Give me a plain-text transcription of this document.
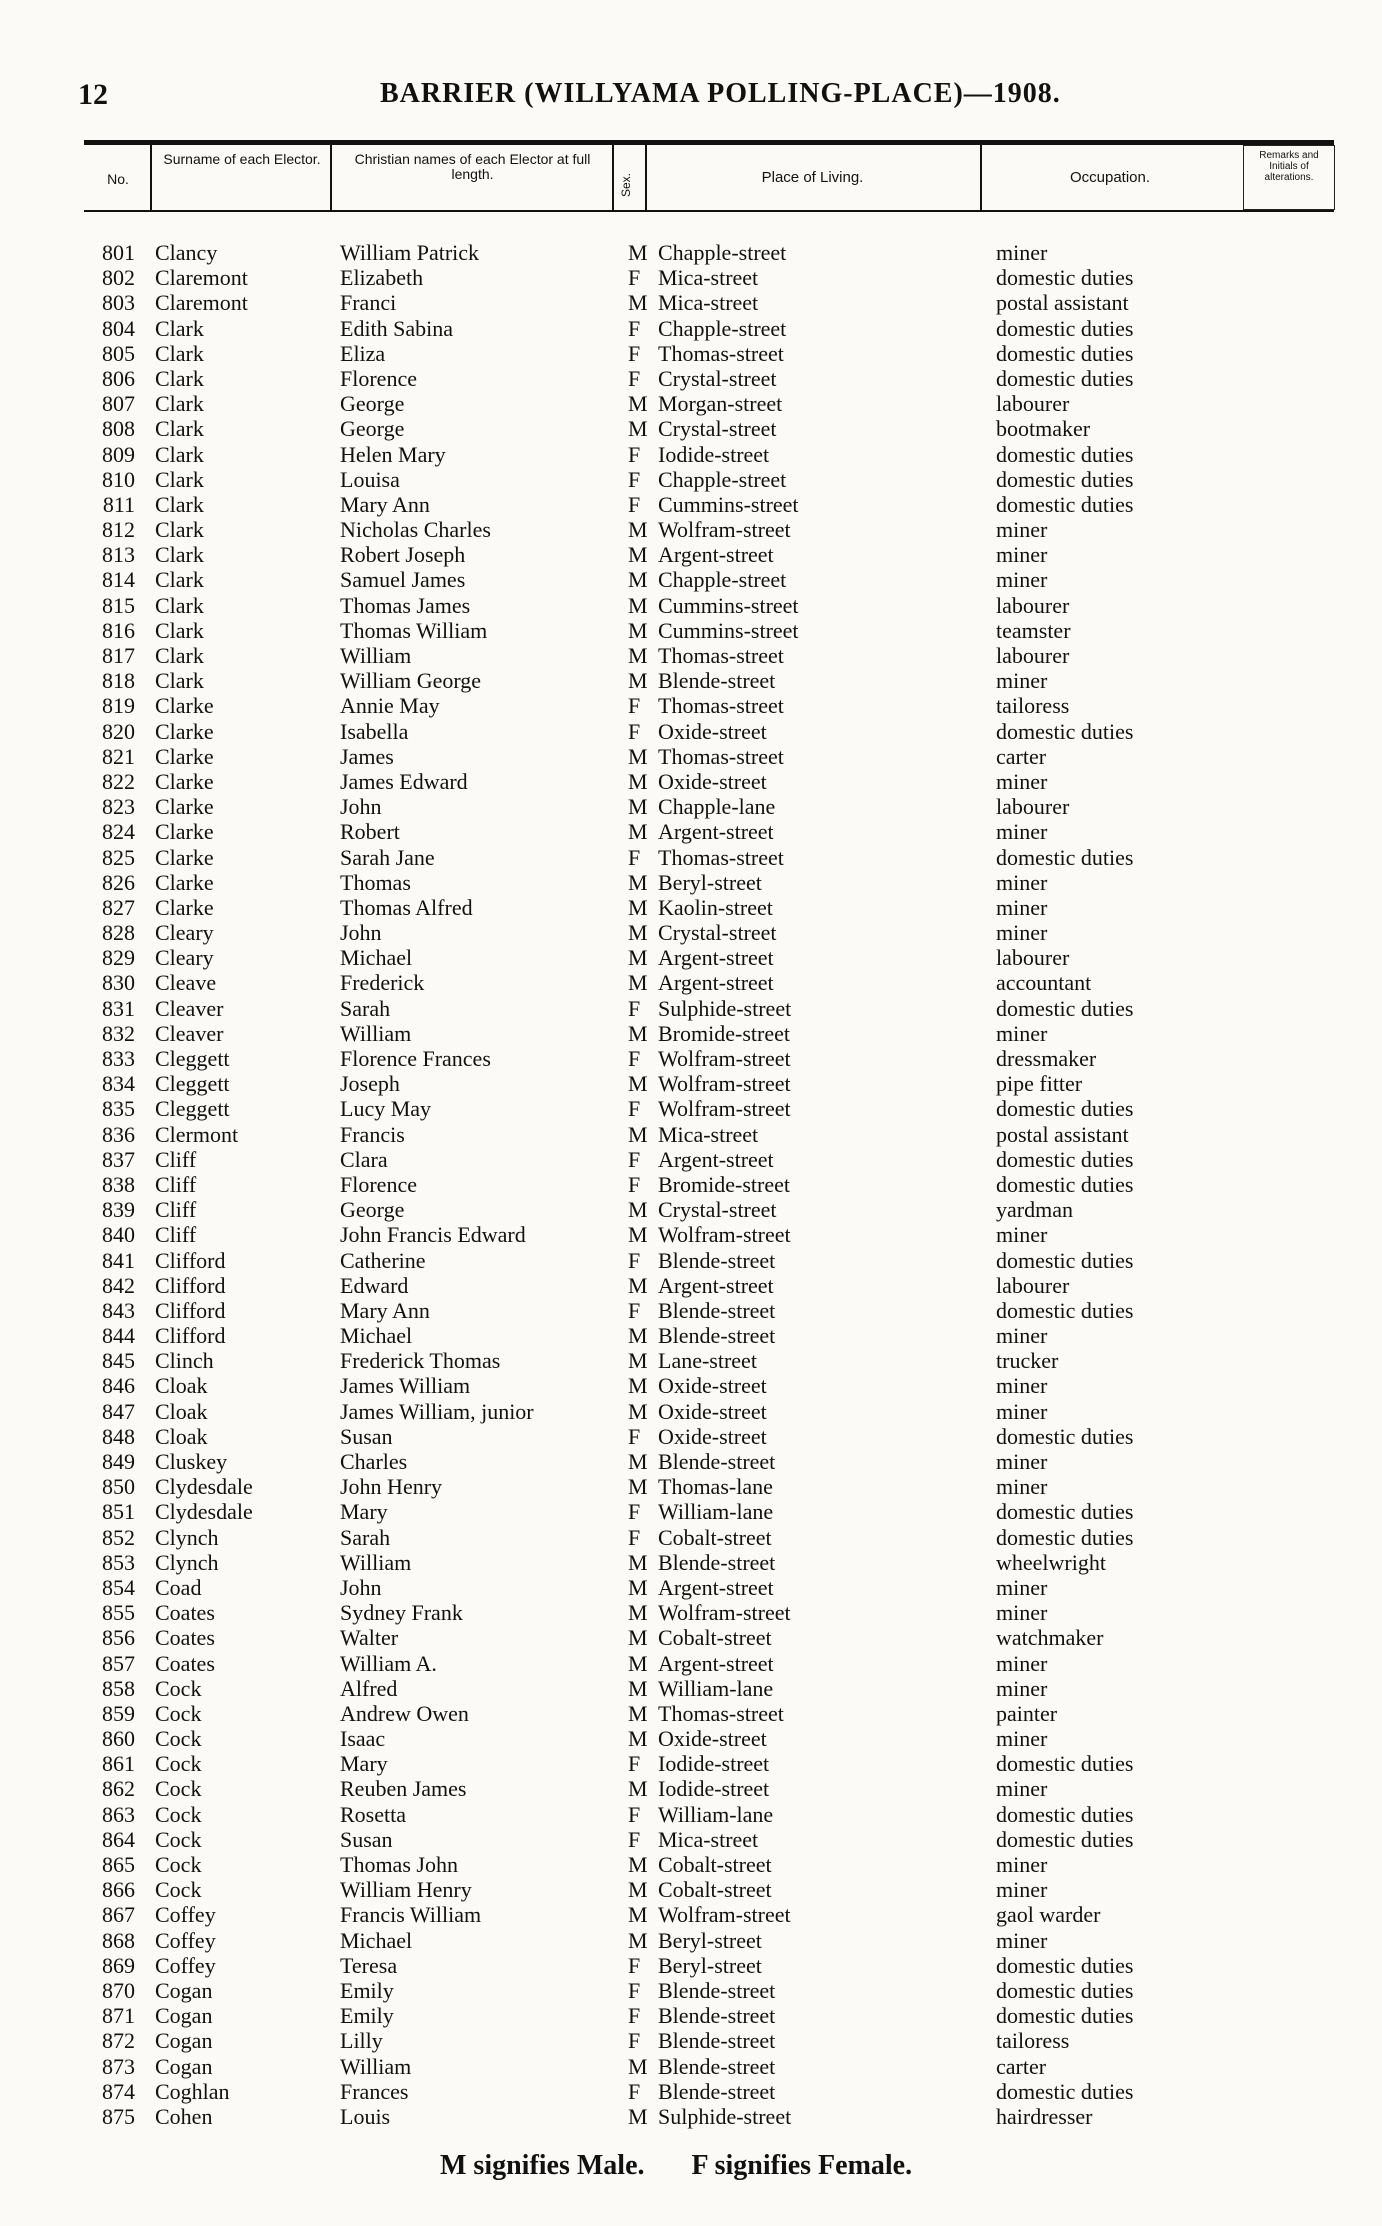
12	BARRIER (WILLYAMA POLLING-PLACE)—1908.
No.
Surname of each Elector.	Christian names of each Elector at full length.	Sex.	Place of Living.	Occupation.
Remarks and Initials of alterations.
801 Clancy	William Patrick	M Chapple-street	miner
802 Claremont	Elizabeth	F Mica-street	domestic duties
803 Claremont	Franci	M Mica-street	postal assistant
804 Clark	Edith Sabina	F Chapple-street	domestic duties
805 Clark	Eliza	F Thomas-street	domestic duties
806 Clark	Florence	F Crystal-street	domestic duties
807 Clark	George	M Morgan-street	labourer
808 Clark	George	M Crystal-street	bootmaker
809 Clark	Helen Mary	F Iodide-street	domestic duties
810 Clark	Louisa	F Chapple-street	domestic duties
811 Clark	Mary Ann	F Cummins-street	domestic duties
812 Clark	Nicholas Charles	M Wolfram-street	miner
813 Clark	Robert Joseph	M Argent-street	miner
814 Clark	Samuel James	M Chapple-street	miner
815 Clark	Thomas James	M Cummins-street	labourer
816 Clark	Thomas William	M Cummins-street	teamster
817 Clark	William	M Thomas-street	labourer
818 Clark	William George	M Blende-street	miner
819 Clarke	Annie May	F Thomas-street	tailoress
820 Clarke	Isabella	F Oxide-street	domestic duties
821 Clarke	James	M Thomas-street	carter
822 Clarke	James Edward	M Oxide-street	miner
823 Clarke	John	M Chapple-lane	labourer
824 Clarke	Robert	M Argent-street	miner
825 Clarke	Sarah Jane	F Thomas-street	domestic duties
826 Clarke	Thomas	M Beryl-street	miner
827 Clarke	Thomas Alfred	M Kaolin-street	miner
828 Cleary	John	M Crystal-street	miner
829 Cleary	Michael	M Argent-street	labourer
830 Cleave	Frederick	M Argent-street	accountant
831 Cleaver	Sarah	F Sulphide-street	domestic duties
832 Cleaver	William	M Bromide-street	miner
833 Cleggett	Florence Frances	F Wolfram-street	dressmaker
834 Cleggett	Joseph	M Wolfram-street	pipe fitter
835 Cleggett	Lucy May	F Wolfram-street	domestic duties
836 Clermont	Francis	M Mica-street	postal assistant
837 Cliff	Clara	F Argent-street	domestic duties
838 Cliff	Florence	F Bromide-street	domestic duties
839 Cliff	George	M Crystal-street	yardman
840 Cliff	John Francis Edward	M Wolfram-street	miner
841 Clifford	Catherine	F Blende-street	domestic duties
842 Clifford	Edward	M Argent-street	labourer
843 Clifford	Mary Ann	F Blende-street	domestic duties
844 Clifford	Michael	M Blende-street	miner
845 Clinch	Frederick Thomas	M Lane-street	trucker
846 Cloak	James William	M Oxide-street	miner
847 Cloak	James William, junior	M Oxide-street	miner
848 Cloak	Susan	F Oxide-street	domestic duties
849 Cluskey	Charles	M Blende-street	miner
850 Clydesdale	John Henry	M Thomas-lane	miner
851 Clydesdale	Mary	F William-lane	domestic duties
852 Clynch	Sarah	F Cobalt-street	domestic duties
853 Clynch	William	M Blende-street	wheelwright
854 Coad	John	M Argent-street	miner
855 Coates	Sydney Frank	M Wolfram-street	miner
856 Coates	Walter	M Cobalt-street	watchmaker
857 Coates	William A.	M Argent-street	miner
858 Cock	Alfred	M William-lane	miner
859 Cock	Andrew Owen	M Thomas-street	painter
860 Cock	Isaac	M Oxide-street	miner
861 Cock	Mary	F Iodide-street	domestic duties
862 Cock	Reuben James	M Iodide-street	miner
863 Cock	Rosetta	F William-lane	domestic duties
864 Cock	Susan	F Mica-street	domestic duties
865 Cock	Thomas John	M Cobalt-street	miner
866 Cock	William Henry	M Cobalt-street	miner
867 Coffey	Francis William	M Wolfram-street	gaol warder
868 Coffey	Michael	M Beryl-street	miner
869 Coffey	Teresa	F Beryl-street	domestic duties
870 Cogan	Emily	F Blende-street	domestic duties
871 Cogan	Emily	F Blende-street	domestic duties
872 Cogan	Lilly	F Blende-street	tailoress
873 Cogan	William	M Blende-street	carter
874 Coghlan	Frances	F Blende-street	domestic duties
875 Cohen	Louis	M Sulphide-street	hairdresser
M signifies Male. F signifies Female.
